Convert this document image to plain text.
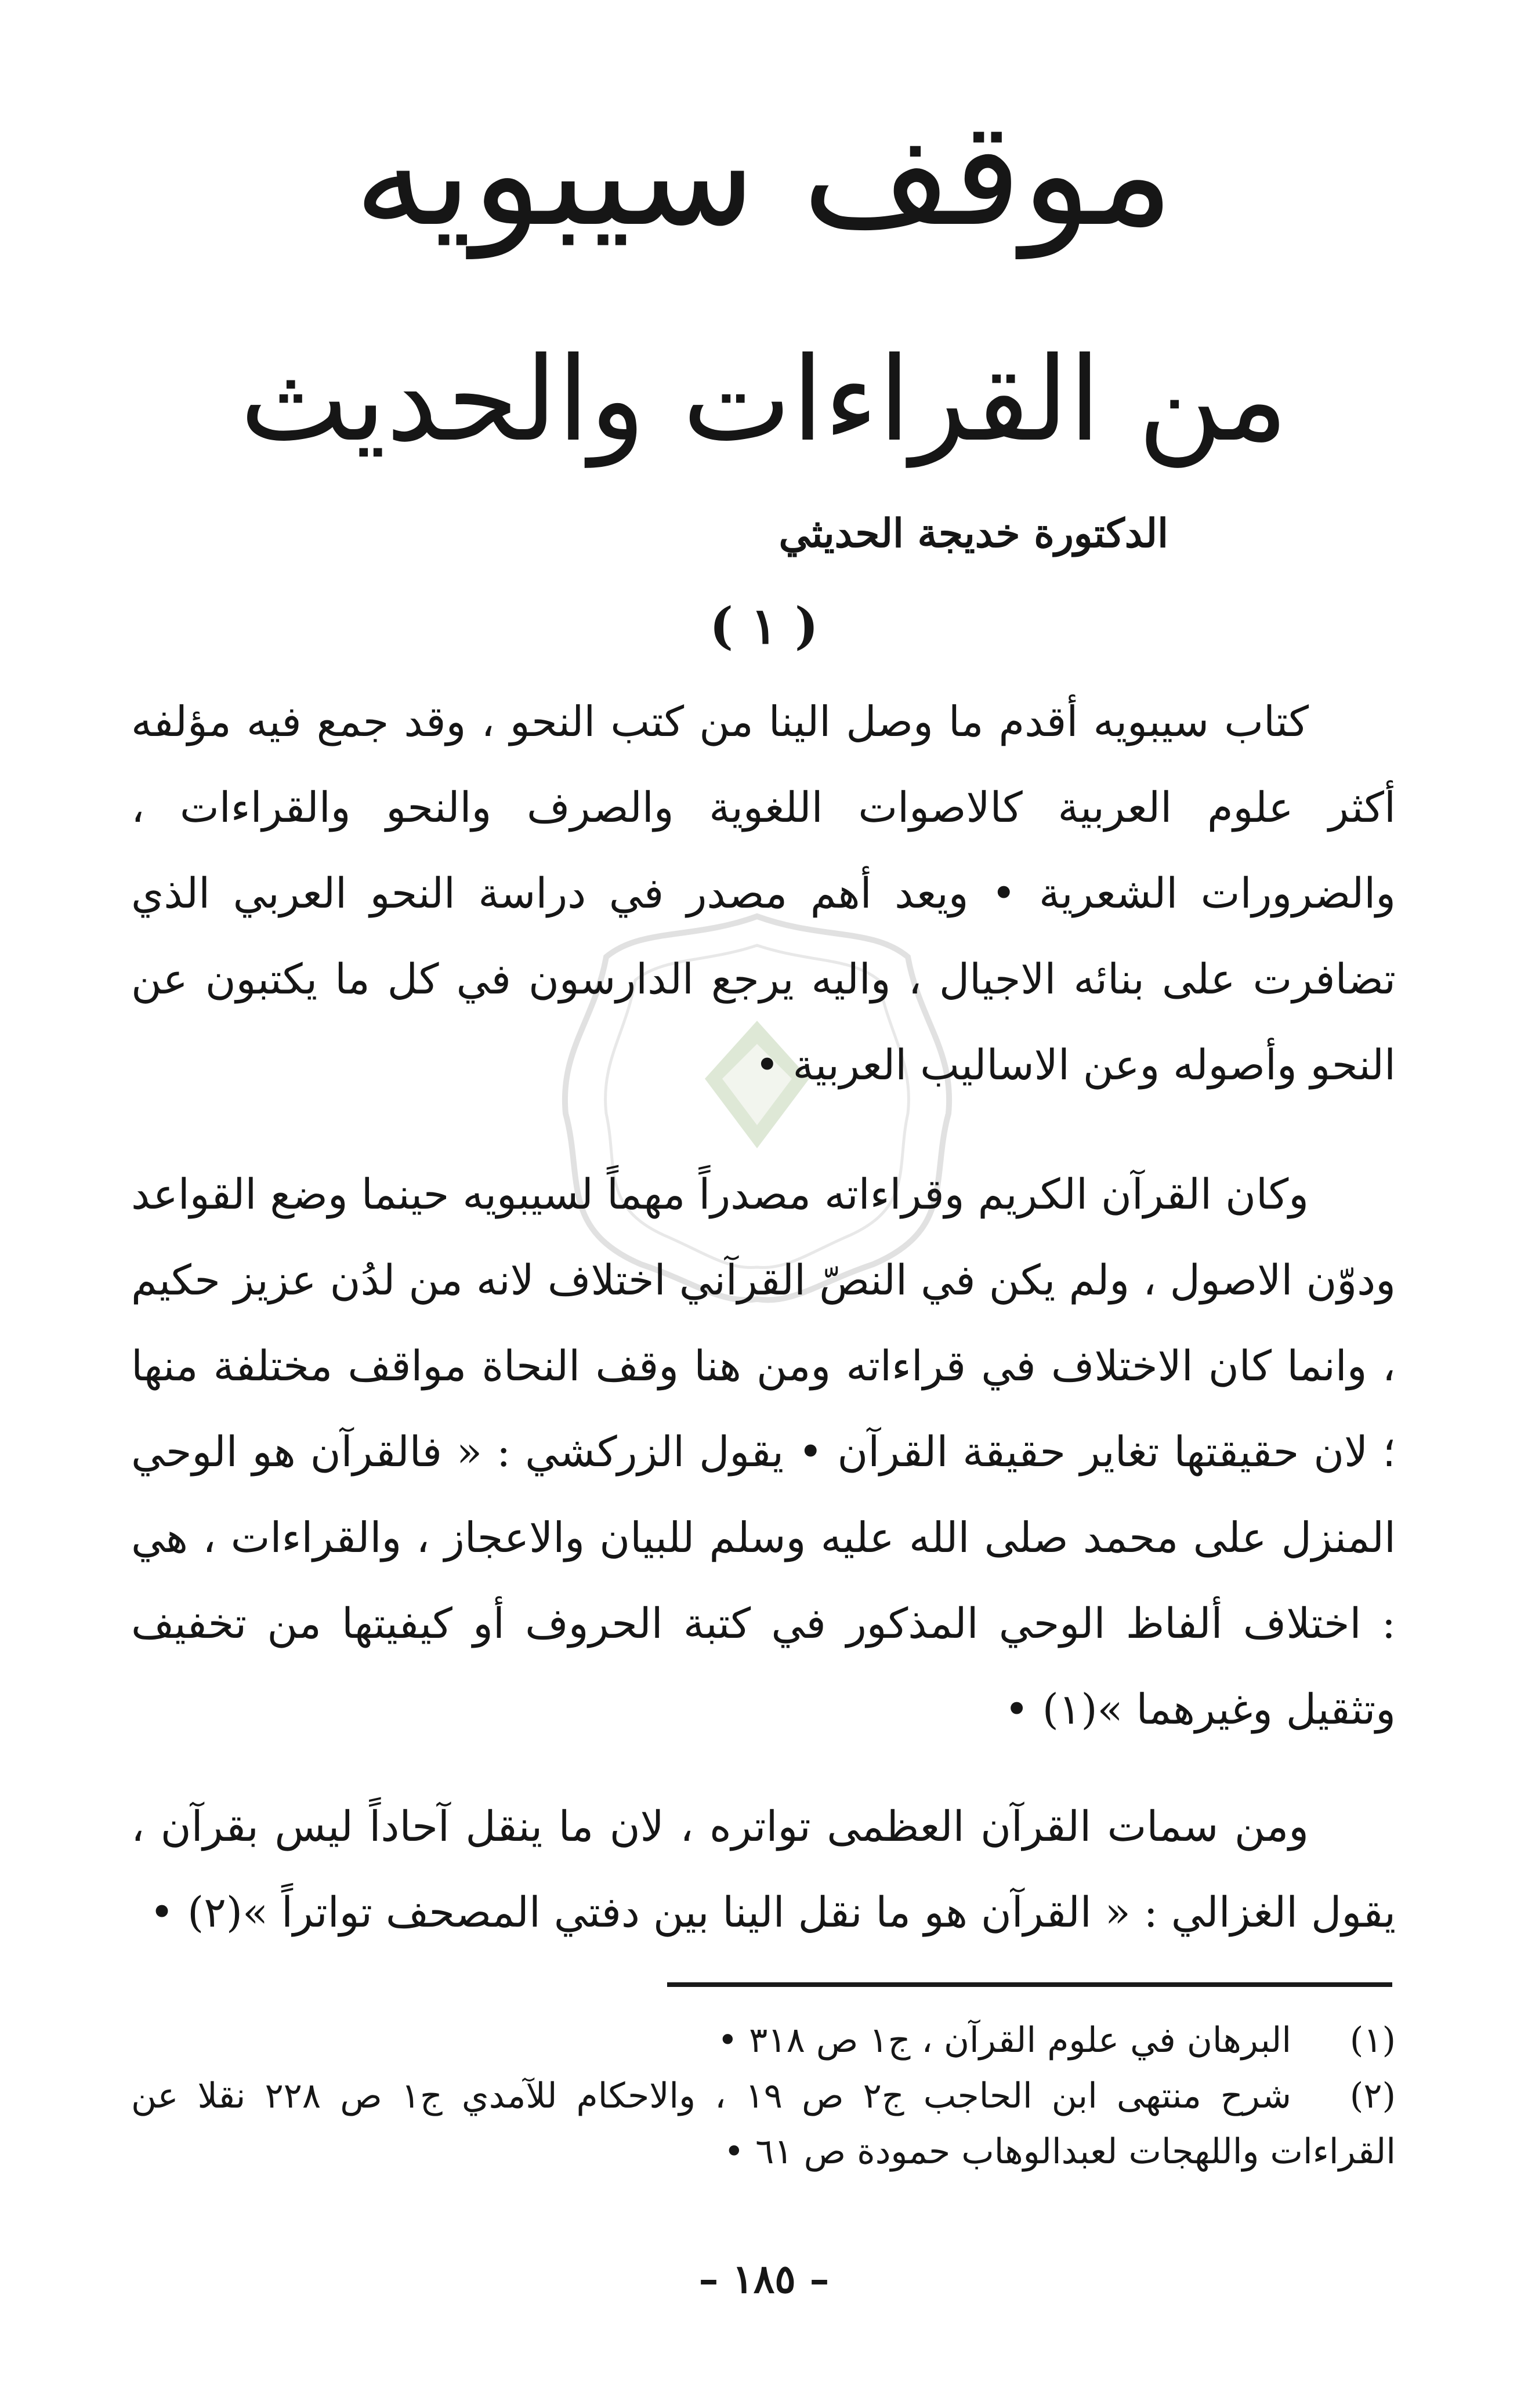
موقف سيبويه
من القراءات والحديث
الدكتورة خديجة الحديثي
( ١ )

كتاب سيبويه أقدم ما وصل الينا من كتب النحو ، وقد جمع فيه مؤلفه أكثر علوم العربية كالاصوات اللغوية والصرف والنحو والقراءات ، والضرورات الشعرية • ويعد أهم مصدر في دراسة النحو العربي الذي تضافرت على بنائه الاجيال ، واليه يرجع الدارسون في كل ما يكتبون عن النحو وأصوله وعن الاساليب العربية •

وكان القرآن الكريم وقراءاته مصدراً مهماً لسيبويه حينما وضع القواعد ودوّن الاصول ، ولم يكن في النصّ القرآني اختلاف لانه من لدُن عزيز حكيم ، وانما كان الاختلاف في قراءاته ومن هنا وقف النحاة مواقف مختلفة منها ؛ لان حقيقتها تغاير حقيقة القرآن • يقول الزركشي : « فالقرآن هو الوحي المنزل على محمد صلى الله عليه وسلم للبيان والاعجاز ، والقراءات ، هي : اختلاف ألفاظ الوحي المذكور في كتبة الحروف أو كيفيتها من تخفيف وتثقيل وغيرهما »(١) •

ومن سمات القرآن العظمى تواتره ، لان ما ينقل آحاداً ليس بقرآن ، يقول الغزالي : « القرآن هو ما نقل الينا بين دفتي المصحف تواتراً »(٢) •

(١)البرهان في علوم القرآن ، ج١ ص ٣١٨ •

(٢)شرح منتهى ابن الحاجب ج٢ ص ١٩ ، والاحكام للآمدي ج١ ص ٢٢٨ نقلا عن القراءات واللهجات لعبدالوهاب حمودة ص ٦١ •

– ١٨٥ –
